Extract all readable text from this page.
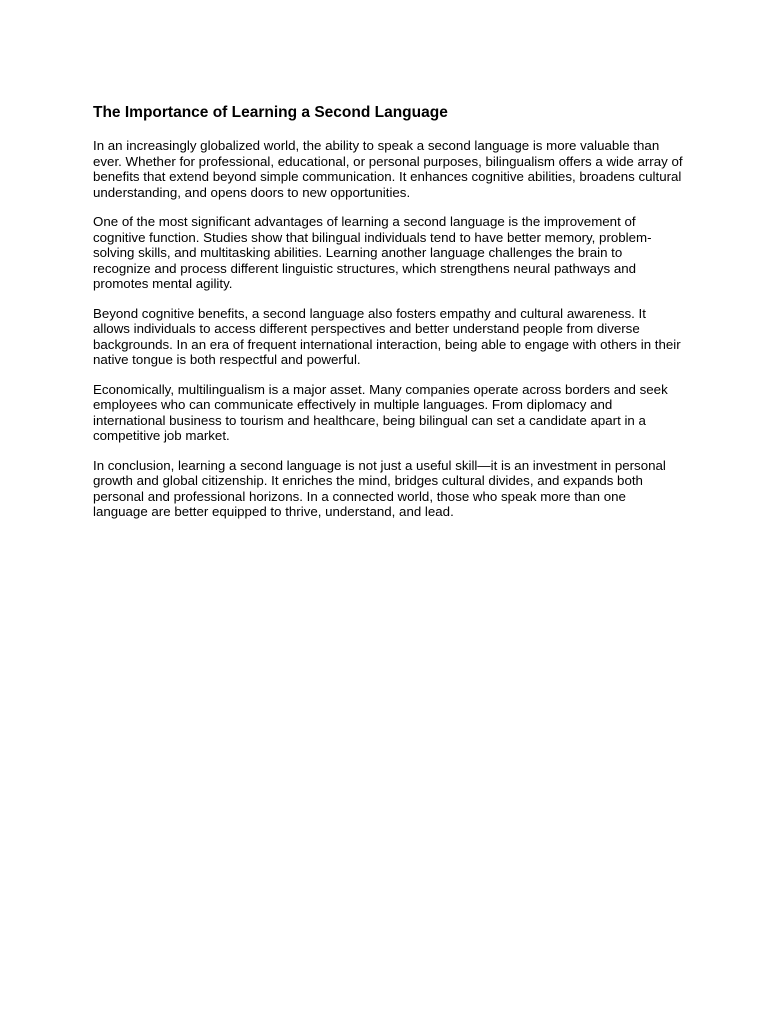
The Importance of Learning a Second Language

In an increasingly globalized world, the ability to speak a second language is more valuable than ever. Whether for professional, educational, or personal purposes, bilingualism offers a wide array of benefits that extend beyond simple communication. It enhances cognitive abilities, broadens cultural understanding, and opens doors to new opportunities.

One of the most significant advantages of learning a second language is the improvement of cognitive function. Studies show that bilingual individuals tend to have better memory, problem-solving skills, and multitasking abilities. Learning another language challenges the brain to recognize and process different linguistic structures, which strengthens neural pathways and promotes mental agility.

Beyond cognitive benefits, a second language also fosters empathy and cultural awareness. It allows individuals to access different perspectives and better understand people from diverse backgrounds. In an era of frequent international interaction, being able to engage with others in their native tongue is both respectful and powerful.

Economically, multilingualism is a major asset. Many companies operate across borders and seek employees who can communicate effectively in multiple languages. From diplomacy and international business to tourism and healthcare, being bilingual can set a candidate apart in a competitive job market.

In conclusion, learning a second language is not just a useful skill—it is an investment in personal growth and global citizenship. It enriches the mind, bridges cultural divides, and expands both personal and professional horizons. In a connected world, those who speak more than one language are better equipped to thrive, understand, and lead.
